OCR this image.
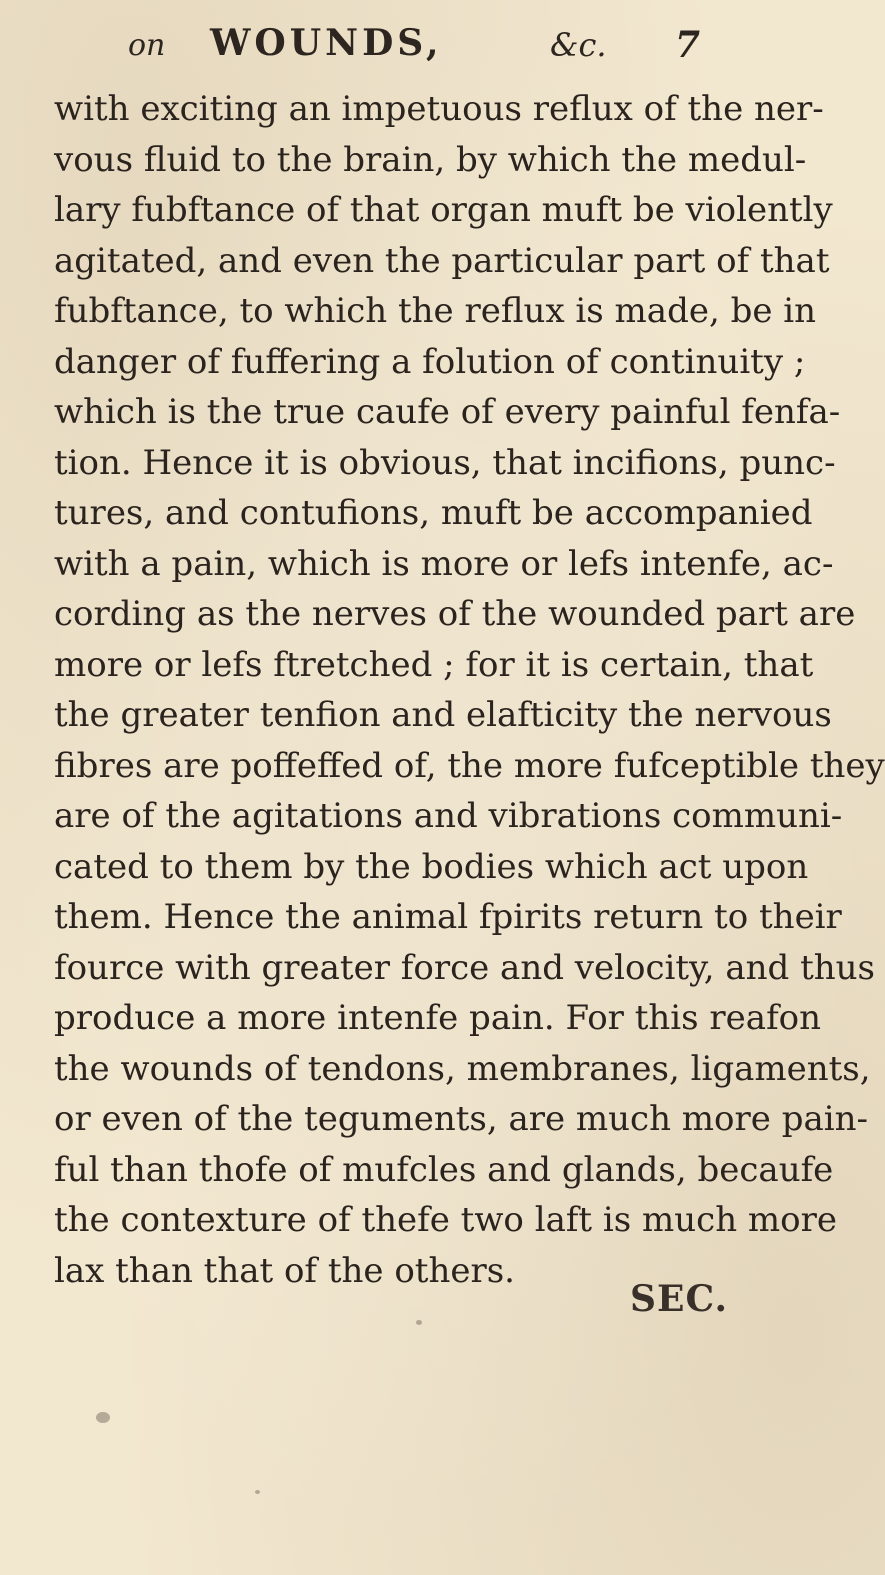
on WOUNDS,	&c. 7
with exciting an impetuous reflux of the ner-
vous fluid to the brain, by which the medul-
lary fubftance of that organ muft be violently
agitated, and even the particular part of that
fubftance, to which the reflux is made, be in
danger of fuffering a folution of continuity ;
which is the true caufe of every painful fenfa-
tion. Hence it is obvious, that incifions, punc-
tures, and contufions, muft be accompanied
with a pain, which is more or lefs intenfe, ac-
cording as the nerves of the wounded part are
more or lefs ftretched ; for it is certain, that
the greater tenfion and elafticity the nervous
fibres are poffeffed of, the more fufceptible they
are of the agitations and vibrations communi-
cated to them by the bodies which act upon
them. Hence the animal fpirits return to their
fource with greater force and velocity, and thus
produce a more intenfe pain. For this reafon
the wounds of tendons, membranes, ligaments,
or even of the teguments, are much more pain-
ful than thofe of mufcles and glands, becaufe
the contexture of thefe two laft is much more
lax than that of the others.
SEC.
